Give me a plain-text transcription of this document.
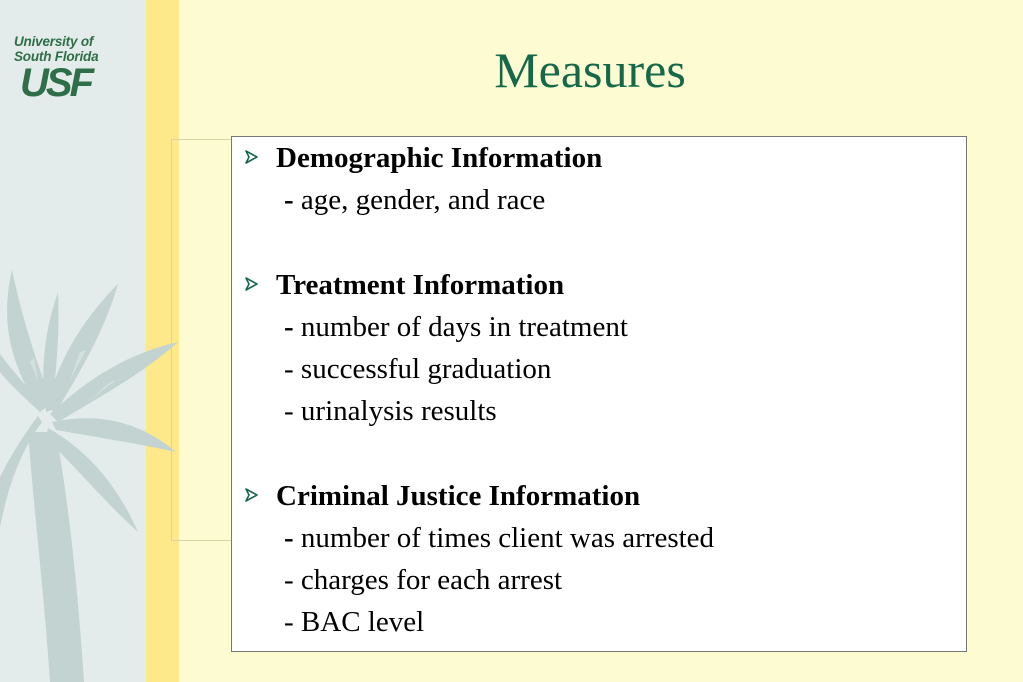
University of
South Florida
USF	Measures
Demographic Information
- age, gender, and race
Treatment Information
- number of days in treatment
- successful graduation
- urinalysis results
Criminal Justice Information
- number of times client was arrested
- charges for each arrest
- BAC level
